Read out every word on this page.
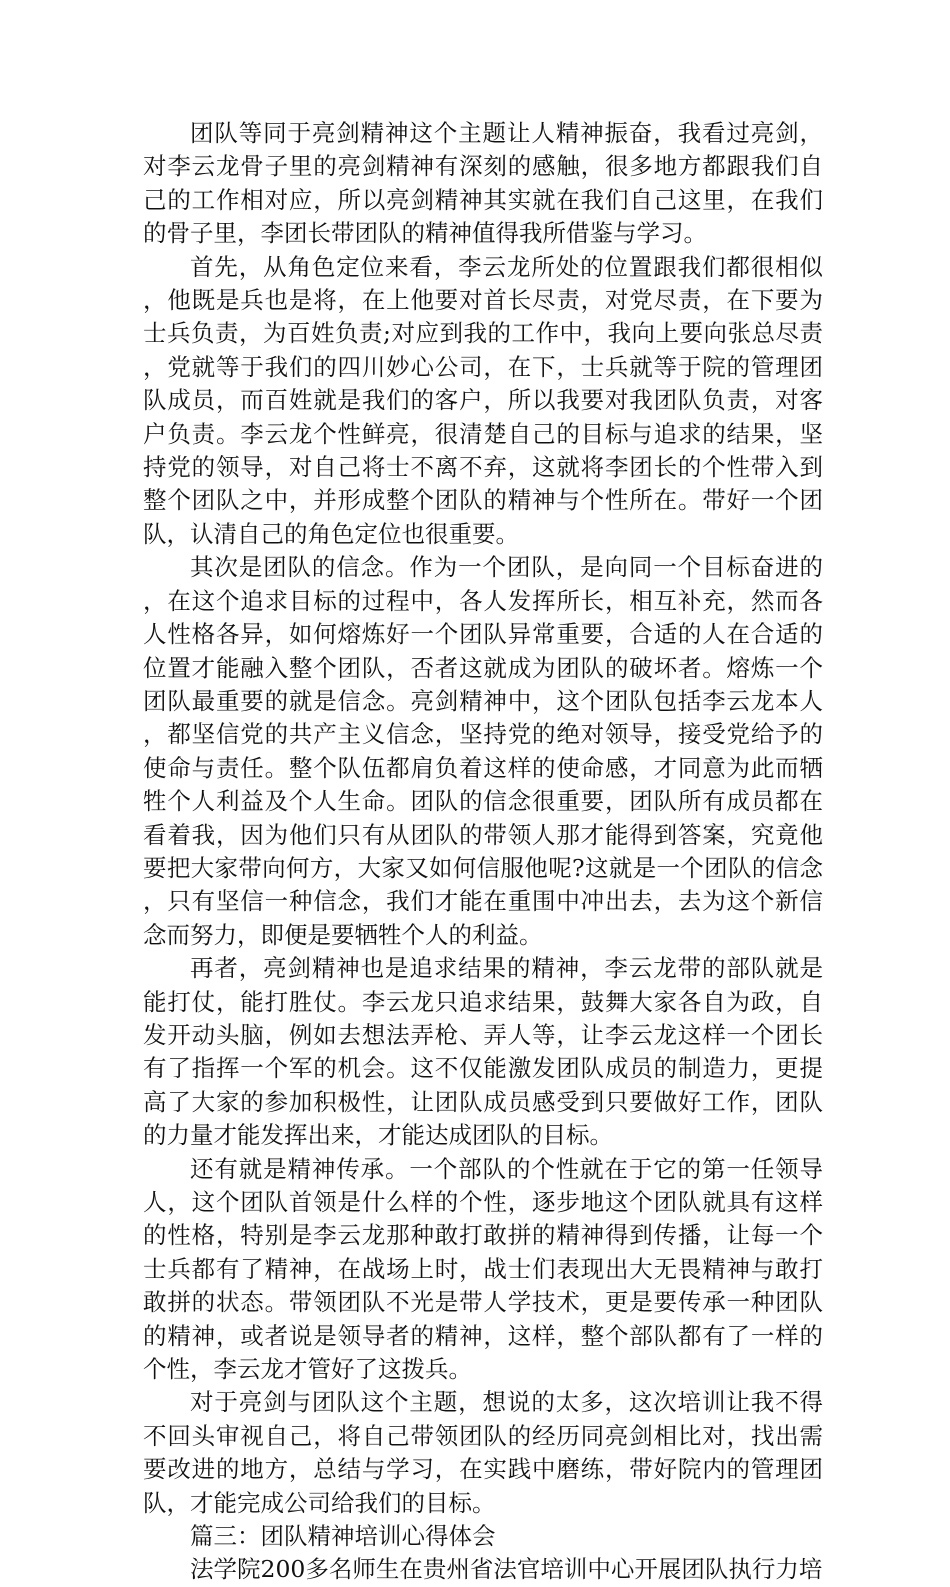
团队等同于亮剑精神这个主题让人精神振奋，我看过亮剑，对李云龙骨子里的亮剑精神有深刻的感触，很多地方都跟我们自己的工作相对应，所以亮剑精神其实就在我们自己这里，在我们的骨子里，李团长带团队的精神值得我所借鉴与学习。

首先，从角色定位来看，李云龙所处的位置跟我们都很相似，他既是兵也是将，在上他要对首长尽责，对党尽责，在下要为士兵负责，为百姓负责;对应到我的工作中，我向上要向张总尽责，党就等于我们的四川妙心公司，在下，士兵就等于院的管理团队成员，而百姓就是我们的客户，所以我要对我团队负责，对客户负责。李云龙个性鲜亮，很清楚自己的目标与追求的结果，坚持党的领导，对自己将士不离不弃，这就将李团长的个性带入到整个团队之中，并形成整个团队的精神与个性所在。带好一个团队，认清自己的角色定位也很重要。

其次是团队的信念。作为一个团队，是向同一个目标奋进的，在这个追求目标的过程中，各人发挥所长，相互补充，然而各人性格各异，如何熔炼好一个团队异常重要，合适的人在合适的位置才能融入整个团队，否者这就成为团队的破坏者。熔炼一个团队最重要的就是信念。亮剑精神中，这个团队包括李云龙本人，都坚信党的共产主义信念，坚持党的绝对领导，接受党给予的使命与责任。整个队伍都肩负着这样的使命感，才同意为此而牺牲个人利益及个人生命。团队的信念很重要，团队所有成员都在看着我，因为他们只有从团队的带领人那才能得到答案，究竟他要把大家带向何方，大家又如何信服他呢?这就是一个团队的信念，只有坚信一种信念，我们才能在重围中冲出去，去为这个新信念而努力，即便是要牺牲个人的利益。

再者，亮剑精神也是追求结果的精神，李云龙带的部队就是能打仗，能打胜仗。李云龙只追求结果，鼓舞大家各自为政，自发开动头脑，例如去想法弄枪、弄人等，让李云龙这样一个团长有了指挥一个军的机会。这不仅能激发团队成员的制造力，更提高了大家的参加积极性，让团队成员感受到只要做好工作，团队的力量才能发挥出来，才能达成团队的目标。

还有就是精神传承。一个部队的个性就在于它的第一任领导人，这个团队首领是什么样的个性，逐步地这个团队就具有这样的性格，特别是李云龙那种敢打敢拼的精神得到传播，让每一个士兵都有了精神，在战场上时，战士们表现出大无畏精神与敢打敢拼的状态。带领团队不光是带人学技术，更是要传承一种团队的精神，或者说是领导者的精神，这样，整个部队都有了一样的个性，李云龙才管好了这拨兵。

对于亮剑与团队这个主题，想说的太多，这次培训让我不得不回头审视自己，将自己带领团队的经历同亮剑相比对，找出需要改进的地方，总结与学习，在实践中磨练，带好院内的管理团队，才能完成公司给我们的目标。

篇三：团队精神培训心得体会

法学院200多名师生在贵州省法官培训中心开展团队执行力培
